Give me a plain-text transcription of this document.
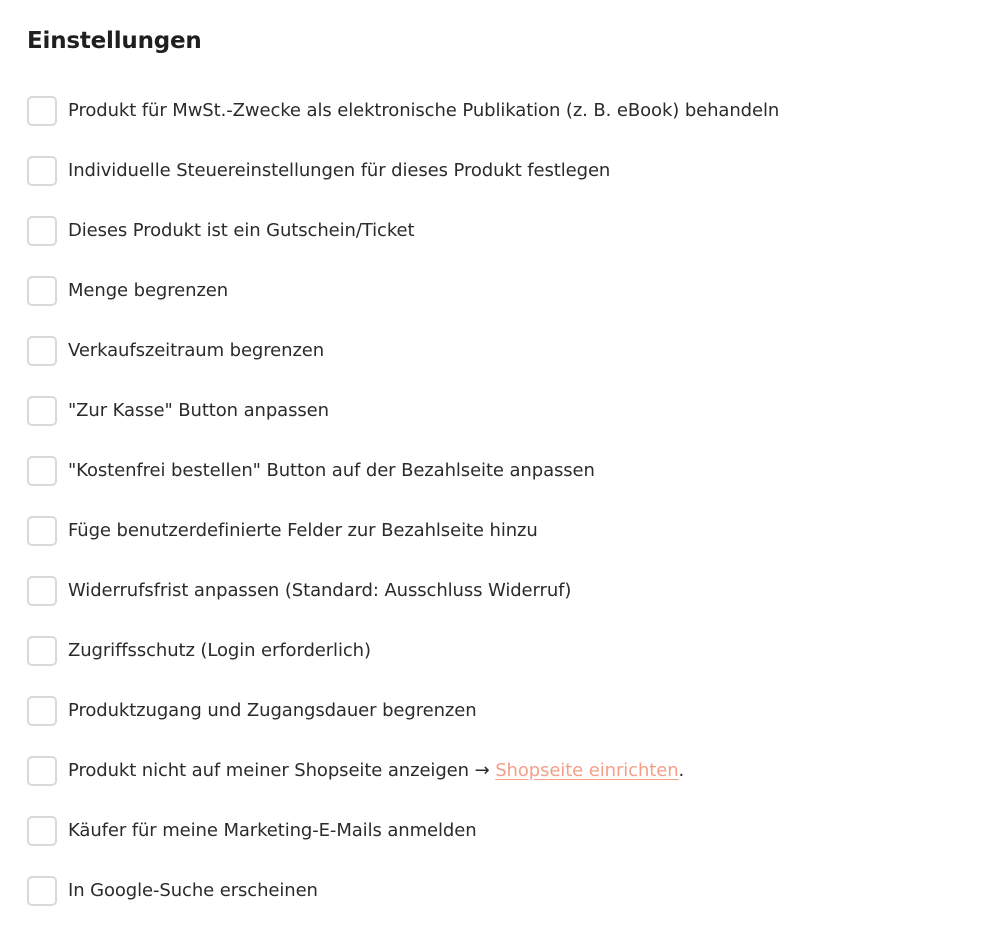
Einstellungen
Produkt für MwSt.-Zwecke als elektronische Publikation (z. B. eBook) behandeln
Individuelle Steuereinstellungen für dieses Produkt festlegen
Dieses Produkt ist ein Gutschein/Ticket
Menge begrenzen
Verkaufszeitraum begrenzen
"Zur Kasse" Button anpassen
"Kostenfrei bestellen" Button auf der Bezahlseite anpassen
Füge benutzerdefinierte Felder zur Bezahlseite hinzu
Widerrufsfrist anpassen (Standard: Ausschluss Widerruf)
Zugriffsschutz (Login erforderlich)
Produktzugang und Zugangsdauer begrenzen
Produkt nicht auf meiner Shopseite anzeigen → Shopseite einrichten.
Käufer für meine Marketing-E-Mails anmelden
In Google-Suche erscheinen
